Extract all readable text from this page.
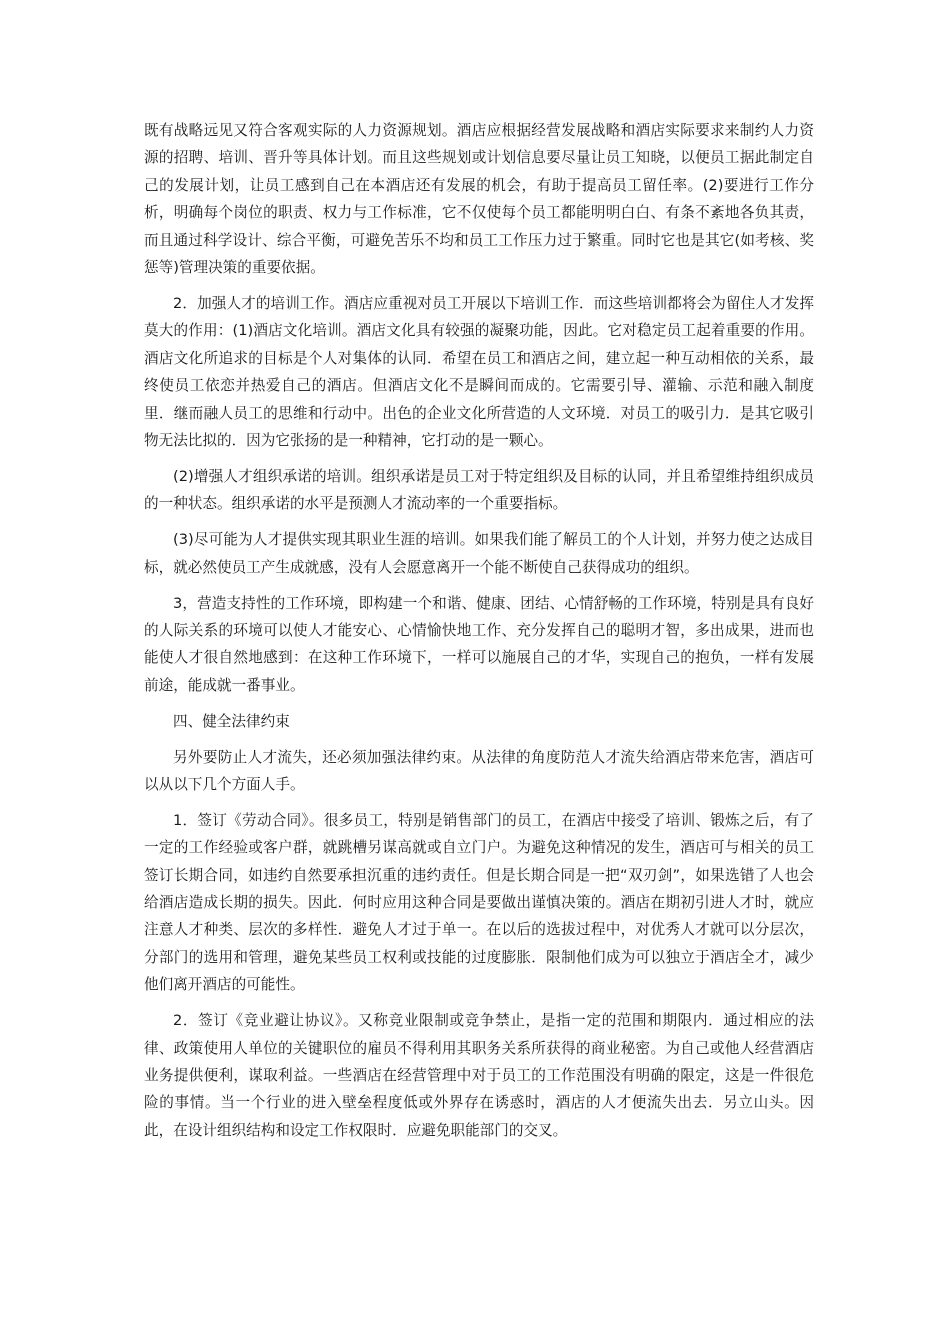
既有战略远见又符合客观实际的人力资源规划。酒店应根据经营发展战略和酒店实际要求来制约人力资源的招聘、培训、晋升等具体计划。而且这些规划或计划信息要尽量让员工知晓，以便员工据此制定自己的发展计划，让员工感到自己在本酒店还有发展的机会，有助于提高员工留任率。(2)要进行工作分析，明确每个岗位的职责、权力与工作标准，它不仅使每个员工都能明明白白、有条不紊地各负其责，而且通过科学设计、综合平衡，可避免苦乐不均和员工工作压力过于繁重。同时它也是其它(如考核、奖惩等)管理决策的重要依据。

2．加强人才的培训工作。酒店应重视对员工开展以下培训工作．而这些培训都将会为留住人才发挥莫大的作用：(1)酒店文化培训。酒店文化具有较强的凝聚功能，因此。它对稳定员工起着重要的作用。酒店文化所追求的目标是个人对集体的认同．希望在员工和酒店之间，建立起一种互动相依的关系，最终使员工依恋并热爱自己的酒店。但酒店文化不是瞬间而成的。它需要引导、灌输、示范和融入制度里．继而融人员工的思维和行动中。出色的企业文化所营造的人文环境．对员工的吸引力．是其它吸引物无法比拟的．因为它张扬的是一种精神，它打动的是一颗心。

(2)增强人才组织承诺的培训。组织承诺是员工对于特定组织及目标的认同，并且希望维持组织成员的一种状态。组织承诺的水平是预测人才流动率的一个重要指标。

(3)尽可能为人才提供实现其职业生涯的培训。如果我们能了解员工的个人计划，并努力使之达成目标，就必然使员工产生成就感，没有人会愿意离开一个能不断使自己获得成功的组织。

3，营造支持性的工作环境，即构建一个和谐、健康、团结、心情舒畅的工作环境，特别是具有良好的人际关系的环境可以使人才能安心、心情愉快地工作、充分发挥自己的聪明才智，多出成果，进而也能使人才很自然地感到：在这种工作环境下，一样可以施展自己的才华，实现自己的抱负，一样有发展前途，能成就一番事业。

四、健全法律约束

另外要防止人才流失，还必须加强法律约束。从法律的角度防范人才流失给酒店带来危害，酒店可以从以下几个方面人手。

1．签订《劳动合同》。很多员工，特别是销售部门的员工，在酒店中接受了培训、锻炼之后，有了一定的工作经验或客户群，就跳槽另谋高就或自立门户。为避免这种情况的发生，酒店可与相关的员工签订长期合同，如违约自然要承担沉重的违约责任。但是长期合同是一把“双刃剑”，如果选错了人也会给酒店造成长期的损失。因此．何时应用这种合同是要做出谨慎决策的。酒店在期初引进人才时，就应注意人才种类、层次的多样性．避免人才过于单一。在以后的选拔过程中，对优秀人才就可以分层次，分部门的选用和管理，避免某些员工权利或技能的过度膨胀．限制他们成为可以独立于酒店全才，减少他们离开酒店的可能性。

2．签订《竞业避让协议》。又称竞业限制或竞争禁止，是指一定的范围和期限内．通过相应的法律、政策使用人单位的关键职位的雇员不得利用其职务关系所获得的商业秘密。为自己或他人经营酒店业务提供便利，谋取利益。一些酒店在经营管理中对于员工的工作范围没有明确的限定，这是一件很危险的事情。当一个行业的进入壁垒程度低或外界存在诱惑时，酒店的人才便流失出去．另立山头。因此，在设计组织结构和设定工作权限时．应避免职能部门的交叉。
